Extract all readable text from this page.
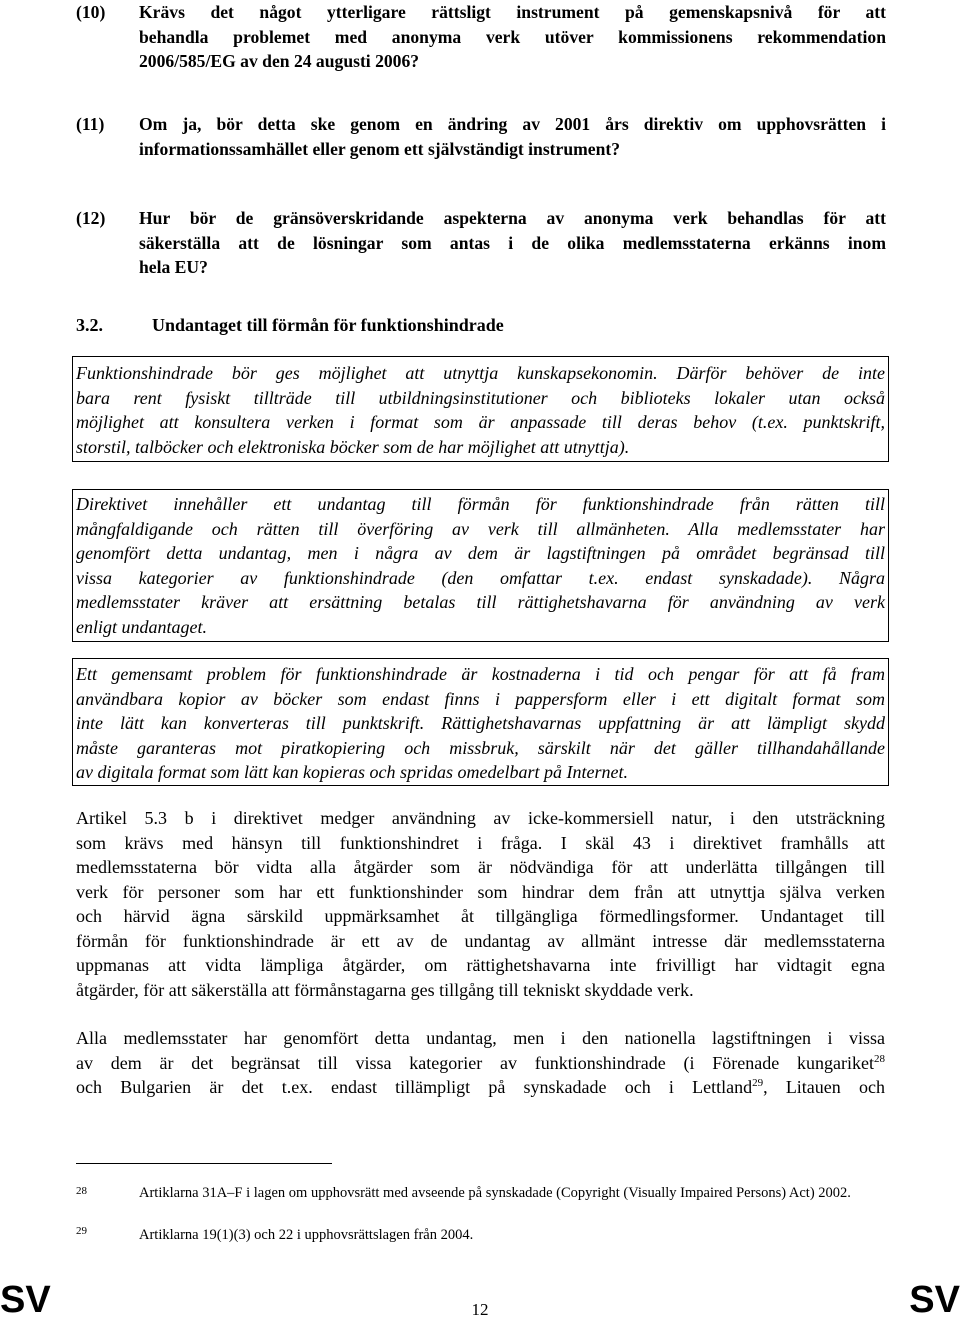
(10) Krävs det något ytterligare rättsligt instrument på gemenskapsnivå för att
behandla problemet med anonyma verk utöver kommissionens rekommendation
2006/585/EG av den 24 augusti 2006?
(11) Om ja, bör detta ske genom en ändring av 2001 års direktiv om upphovsrätten i
informationssamhället eller genom ett självständigt instrument?
(12) Hur bör de gränsöverskridande aspekterna av anonyma verk behandlas för att
säkerställa att de lösningar som antas i de olika medlemsstaterna erkänns inom
hela EU?
3.2.	Undantaget till förmån för funktionshindrade
Funktionshindrade bör ges möjlighet att utnyttja kunskapsekonomin. Därför behöver de inte
bara rent fysiskt tillträde till utbildningsinstitutioner och biblioteks lokaler utan också
möjlighet att konsultera verken i format som är anpassade till deras behov (t.ex. punktskrift,
storstil, talböcker och elektroniska böcker som de har möjlighet att utnyttja).
Direktivet innehåller ett undantag till förmån för funktionshindrade från rätten till
mångfaldigande och rätten till överföring av verk till allmänheten. Alla medlemsstater har
genomfört detta undantag, men i några av dem är lagstiftningen på området begränsad till
vissa kategorier av funktionshindrade (den omfattar t.ex. endast synskadade). Några
medlemsstater kräver att ersättning betalas till rättighetshavarna för användning av verk
enligt undantaget.
Ett gemensamt problem för funktionshindrade är kostnaderna i tid och pengar för att få fram
användbara kopior av böcker som endast finns i pappersform eller i ett digitalt format som
inte lätt kan konverteras till punktskrift. Rättighetshavarnas uppfattning är att lämpligt skydd
måste garanteras mot piratkopiering och missbruk, särskilt när det gäller tillhandahållande
av digitala format som lätt kan kopieras och spridas omedelbart på Internet.
Artikel 5.3 b i direktivet medger användning av icke-kommersiell natur, i den utsträckning
som krävs med hänsyn till funktionshindret i fråga. I skäl 43 i direktivet framhålls att
medlemsstaterna bör vidta alla åtgärder som är nödvändiga för att underlätta tillgången till
verk för personer som har ett funktionshinder som hindrar dem från att utnyttja själva verken
och härvid ägna särskild uppmärksamhet åt tillgängliga förmedlingsformer. Undantaget till
förmån för funktionshindrade är ett av de undantag av allmänt intresse där medlemsstaterna
uppmanas att vidta lämpliga åtgärder, om rättighetshavarna inte frivilligt har vidtagit egna
åtgärder, för att säkerställa att förmånstagarna ges tillgång till tekniskt skyddade verk.
Alla medlemsstater har genomfört detta undantag, men i den nationella lagstiftningen i vissa
av dem är det begränsat till vissa kategorier av funktionshindrade (i Förenade kungariket$^{28}$
och Bulgarien är det t.ex. endast tillämpligt på synskadade och i Lettland$^{29}$, Litauen och
28	Artiklarna 31A–F i lagen om upphovsrätt med avseende på synskadade (Copyright (Visually Impaired Persons) Act) 2002.
29	Artiklarna 19(1)(3) och 22 i upphovsrättslagen från 2004.
SV	12	SV
